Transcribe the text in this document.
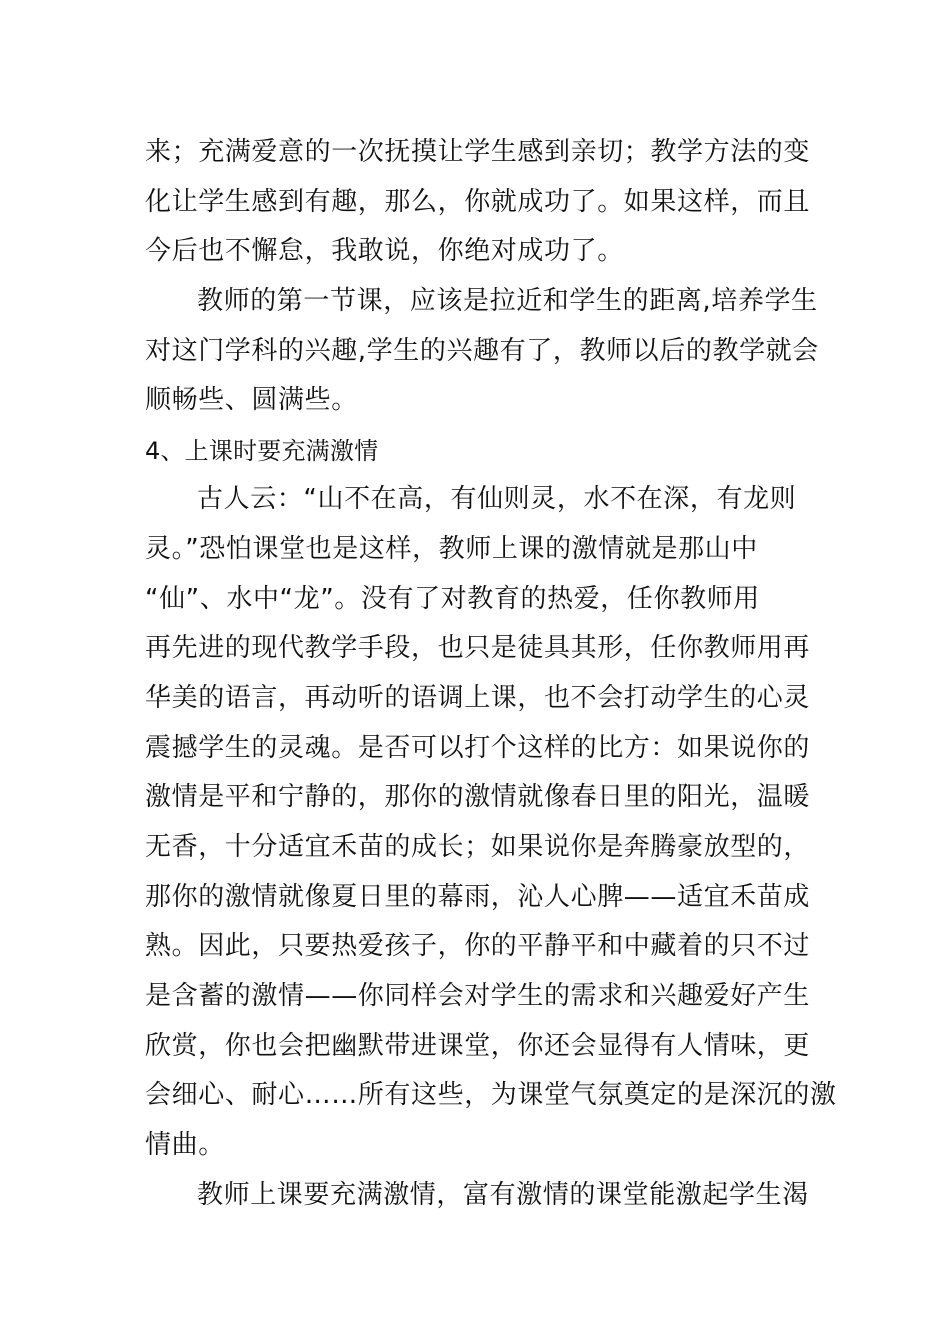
来；充满爱意的一次抚摸让学生感到亲切；教学方法的变
化让学生感到有趣，那么，你就成功了。如果这样，而且
今后也不懈怠，我敢说，你绝对成功了。
教师的第一节课，应该是拉近和学生的距离,培养学生
对这门学科的兴趣,学生的兴趣有了，教师以后的教学就会
顺畅些、圆满些。
4、上课时要充满激情
古人云：“山不在高，有仙则灵，水不在深，有龙则
灵。”恐怕课堂也是这样，教师上课的激情就是那山中
“仙”、水中“龙”。没有了对教育的热爱，任你教师用
再先进的现代教学手段，也只是徒具其形，任你教师用再
华美的语言，再动听的语调上课，也不会打动学生的心灵
震撼学生的灵魂。是否可以打个这样的比方：如果说你的
激情是平和宁静的，那你的激情就像春日里的阳光，温暖
无香，十分适宜禾苗的成长；如果说你是奔腾豪放型的，
那你的激情就像夏日里的幕雨，沁人心脾——适宜禾苗成
熟。因此，只要热爱孩子，你的平静平和中藏着的只不过
是含蓄的激情——你同样会对学生的需求和兴趣爱好产生
欣赏，你也会把幽默带进课堂，你还会显得有人情味，更
会细心、耐心……所有这些，为课堂气氛奠定的是深沉的激
情曲。
教师上课要充满激情，富有激情的课堂能激起学生渴
